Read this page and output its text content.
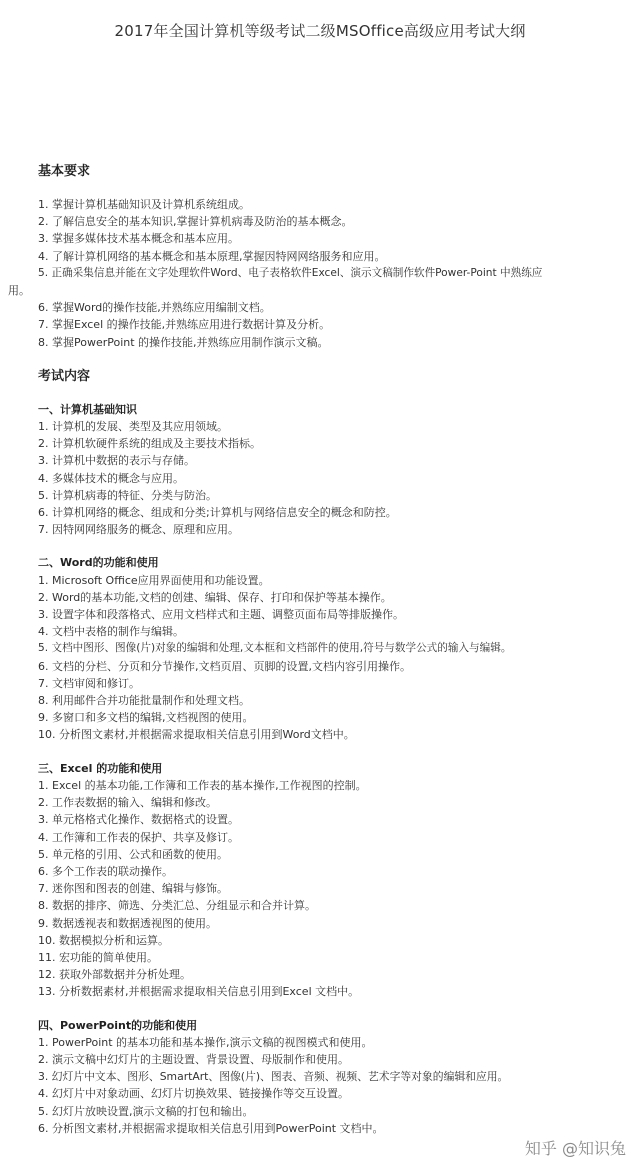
2017年全国计算机等级考试二级MSOffice高级应用考试大纲
基本要求
1. 掌握计算机基础知识及计算机系统组成。
2. 了解信息安全的基本知识,掌握计算机病毒及防治的基本概念。
3. 掌握多媒体技术基本概念和基本应用。
4. 了解计算机网络的基本概念和基本原理,掌握因特网网络服务和应用。
5. 正确采集信息并能在文字处理软件Word、电子表格软件Excel、演示文稿制作软件Power-Point 中熟练应
用。
6. 掌握Word的操作技能,并熟练应用编制文档。
7. 掌握Excel 的操作技能,并熟练应用进行数据计算及分析。
8. 掌握PowerPoint 的操作技能,并熟练应用制作演示文稿。
考试内容
一、计算机基础知识
1. 计算机的发展、类型及其应用领域。
2. 计算机软硬件系统的组成及主要技术指标。
3. 计算机中数据的表示与存储。
4. 多媒体技术的概念与应用。
5. 计算机病毒的特征、分类与防治。
6. 计算机网络的概念、组成和分类;计算机与网络信息安全的概念和防控。
7. 因特网网络服务的概念、原理和应用。
二、Word的功能和使用
1. Microsoft Office应用界面使用和功能设置。
2. Word的基本功能,文档的创建、编辑、保存、打印和保护等基本操作。
3. 设置字体和段落格式、应用文档样式和主题、调整页面布局等排版操作。
4. 文档中表格的制作与编辑。
5. 文档中图形、图像(片)对象的编辑和处理,文本框和文档部件的使用,符号与数学公式的输入与编辑。
6. 文档的分栏、分页和分节操作,文档页眉、页脚的设置,文档内容引用操作。
7. 文档审阅和修订。
8. 利用邮件合并功能批量制作和处理文档。
9. 多窗口和多文档的编辑,文档视图的使用。
10. 分析图文素材,并根据需求提取相关信息引用到Word文档中。
三、Excel 的功能和使用
1. Excel 的基本功能,工作簿和工作表的基本操作,工作视图的控制。
2. 工作表数据的输入、编辑和修改。
3. 单元格格式化操作、数据格式的设置。
4. 工作簿和工作表的保护、共享及修订。
5. 单元格的引用、公式和函数的使用。
6. 多个工作表的联动操作。
7. 迷你图和图表的创建、编辑与修饰。
8. 数据的排序、筛选、分类汇总、分组显示和合并计算。
9. 数据透视表和数据透视图的使用。
10. 数据模拟分析和运算。
11. 宏功能的简单使用。
12. 获取外部数据并分析处理。
13. 分析数据素材,并根据需求提取相关信息引用到Excel 文档中。
四、PowerPoint的功能和使用
1. PowerPoint 的基本功能和基本操作,演示文稿的视图模式和使用。
2. 演示文稿中幻灯片的主题设置、背景设置、母版制作和使用。
3. 幻灯片中文本、图形、SmartArt、图像(片)、图表、音频、视频、艺术字等对象的编辑和应用。
4. 幻灯片中对象动画、幻灯片切换效果、链接操作等交互设置。
5. 幻灯片放映设置,演示文稿的打包和输出。
6. 分析图文素材,并根据需求提取相关信息引用到PowerPoint 文档中。
知乎 @知识兔
